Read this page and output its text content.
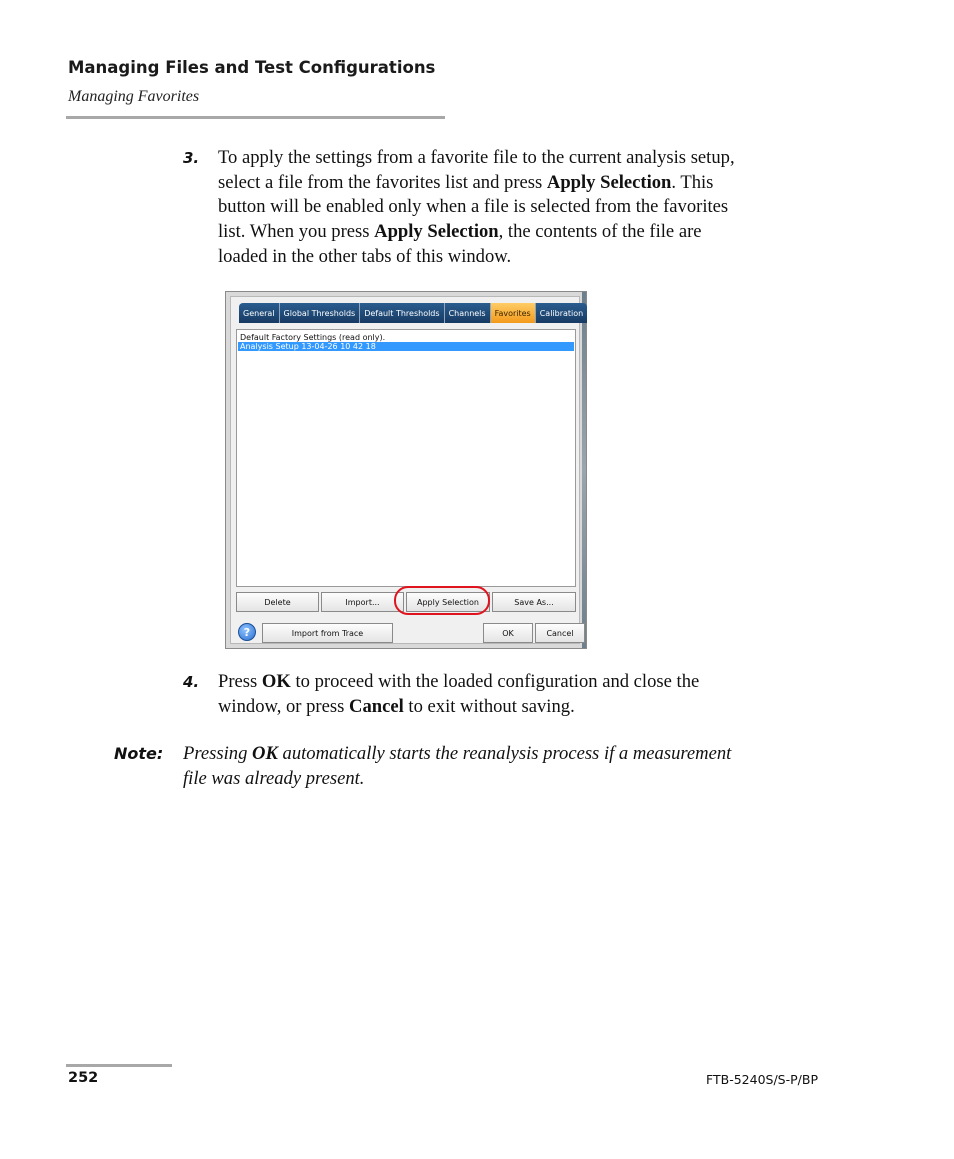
Managing Files and Test Configurations
Managing Favorites
3. To apply the settings from a favorite file to the current analysis setup,

select a file from the favorites list and press Apply Selection. This

button will be enabled only when a file is selected from the favorites

list. When you press Apply Selection, the contents of the file are

loaded in the other tabs of this window.

General	Global Thresholds	Default Thresholds	Channels	Favorites	Calibration
Default Factory Settings (read only).
Analysis Setup 13-04-26 10 42 18
Delete	Import...	Apply Selection	Save As...
?	Import from Trace	OK	Cancel
4. Press OK to proceed with the loaded configuration and close the

window, or press Cancel to exit without saving.

Note: Pressing OK automatically starts the reanalysis process if a measurement

file was already present.

252	FTB-5240S/S-P/BP
